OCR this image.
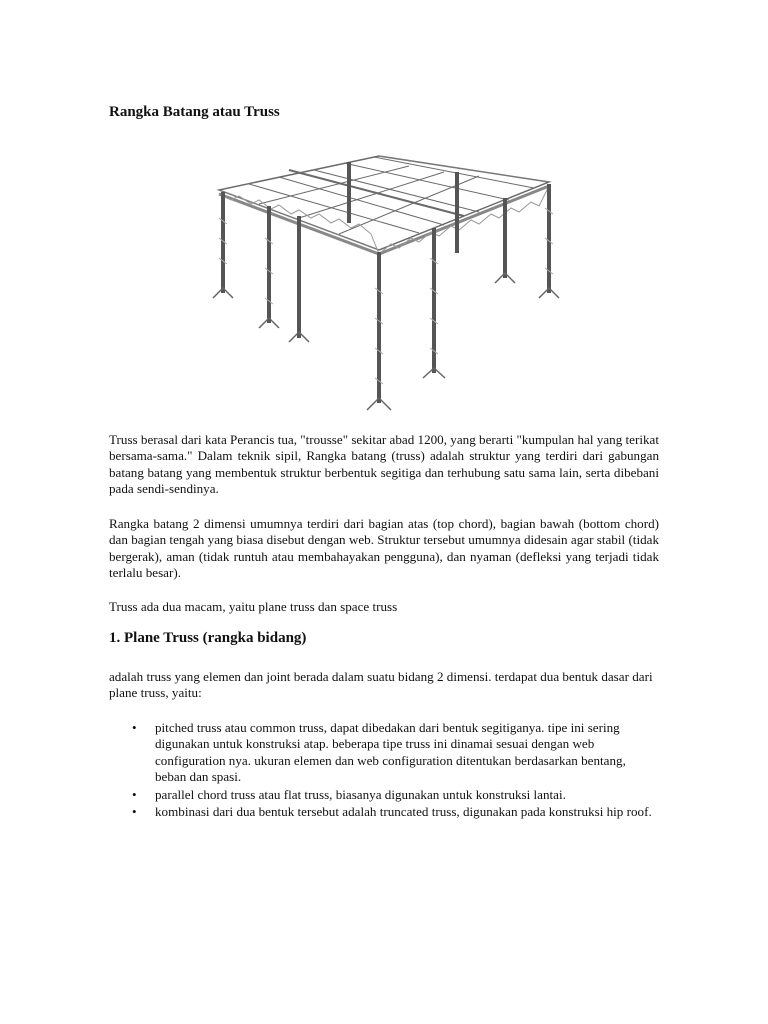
Rangka Batang atau Truss

Truss berasal dari kata Perancis tua, "trousse" sekitar abad 1200, yang berarti "kumpulan hal yang terikat bersama-sama." Dalam teknik sipil, Rangka batang (truss) adalah struktur yang terdiri dari gabungan batang batang yang membentuk struktur berbentuk segitiga dan terhubung satu sama lain, serta dibebani pada sendi-sendinya.

Rangka batang 2 dimensi umumnya terdiri dari bagian atas (top chord), bagian bawah (bottom chord) dan bagian tengah yang biasa disebut dengan web. Struktur tersebut umumnya didesain agar stabil (tidak bergerak), aman (tidak runtuh atau membahayakan pengguna), dan nyaman (defleksi yang terjadi tidak terlalu besar).

Truss ada dua macam, yaitu plane truss dan space truss

1. Plane Truss (rangka bidang)

adalah truss yang elemen dan joint berada dalam suatu bidang 2 dimensi. terdapat dua bentuk dasar dari plane truss, yaitu:

• pitched truss atau common truss, dapat dibedakan dari bentuk segitiganya. tipe ini sering digunakan untuk konstruksi atap. beberapa tipe truss ini dinamai sesuai dengan web configuration nya. ukuran elemen dan web configuration ditentukan berdasarkan bentang, beban dan spasi.
• parallel chord truss atau flat truss, biasanya digunakan untuk konstruksi lantai.
• kombinasi dari dua bentuk tersebut adalah truncated truss, digunakan pada konstruksi hip roof.
